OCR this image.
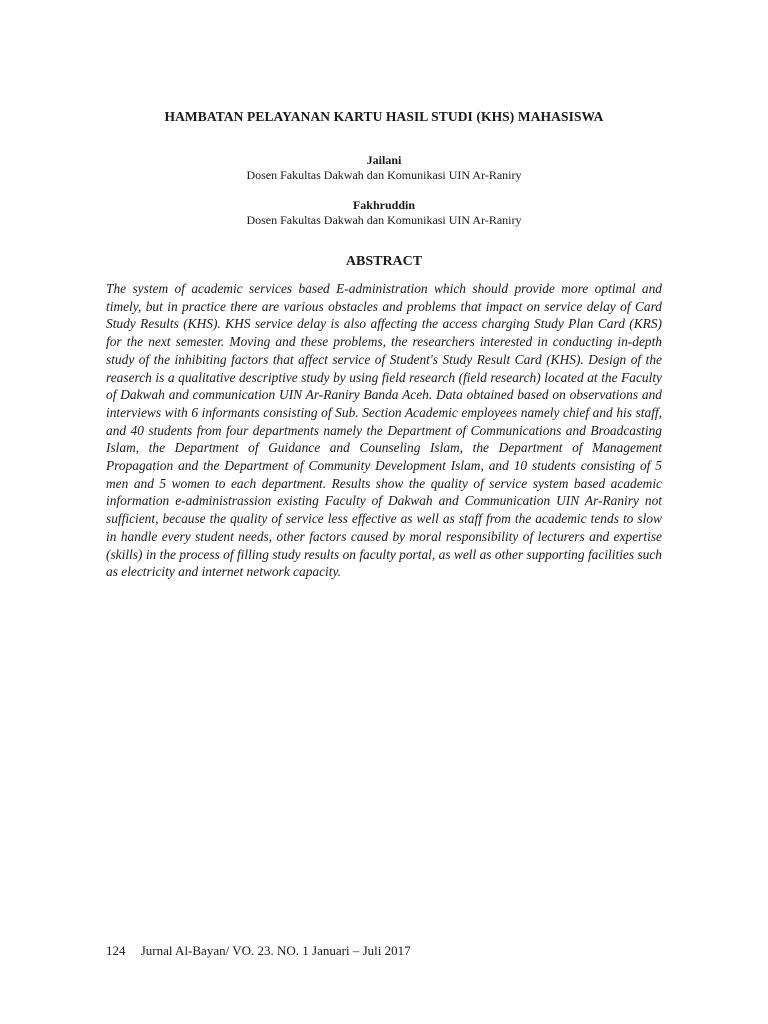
HAMBATAN PELAYANAN KARTU HASIL STUDI (KHS) MAHASISWA
Jailani
Dosen Fakultas Dakwah dan Komunikasi UIN Ar-Raniry
Fakhruddin
Dosen Fakultas Dakwah dan Komunikasi UIN Ar-Raniry
ABSTRACT
The system of academic services based E-administration which should provide more optimal and timely, but in practice there are various obstacles and problems that impact on service delay of Card Study Results (KHS). KHS service delay is also affecting the access charging Study Plan Card (KRS) for the next semester. Moving and these problems, the researchers interested in conducting in-depth study of the inhibiting factors that affect service of Student's Study Result Card (KHS). Design of the reaserch is a qualitative descriptive study by using field research (field research) located at the Faculty of Dakwah and communication UIN Ar-Raniry Banda Aceh. Data obtained based on observations and interviews with 6 informants consisting of Sub. Section Academic employees namely chief and his staff, and 40 students from four departments namely the Department of Communications and Broadcasting Islam, the Department of Guidance and Counseling Islam, the Department of Management Propagation and the Department of Community Development Islam, and 10 students consisting of 5 men and 5 women to each department. Results show the quality of service system based academic information e-administrassion existing Faculty of Dakwah and Communication UIN Ar-Raniry not sufficient, because the quality of service less effective as well as staff from the academic tends to slow in handle every student needs, other factors caused by moral responsibility of lecturers and expertise (skills) in the process of filling study results on faculty portal, as well as other supporting facilities such as electricity and internet network capacity.
124 Jurnal Al-Bayan/ VO. 23. NO. 1 Januari – Juli 2017
